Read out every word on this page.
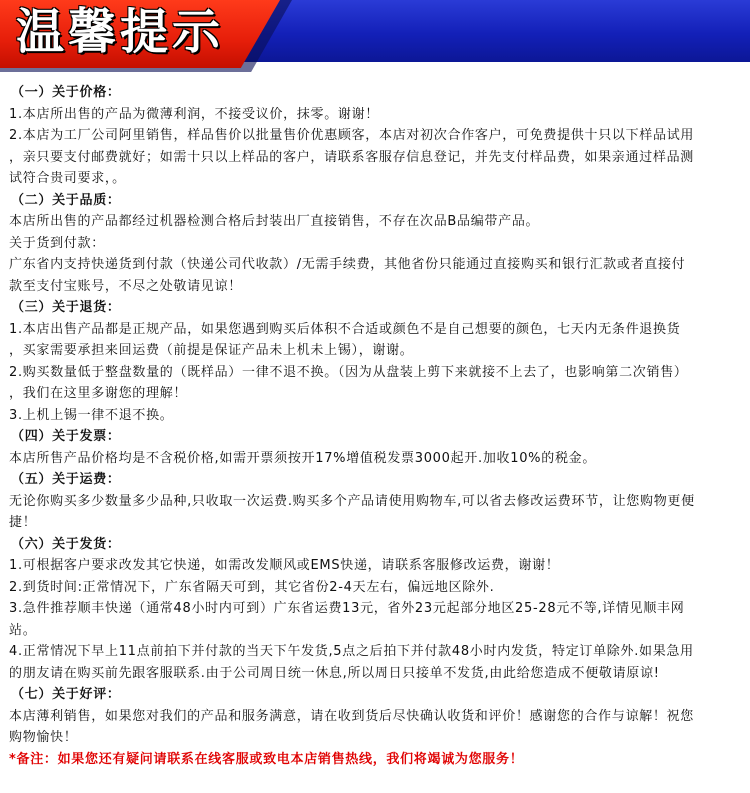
温馨提示
（一）关于价格：
1.本店所出售的产品为微薄利润，不接受议价，抹零。谢谢！
2.本店为工厂公司阿里销售，样品售价以批量售价优惠顾客，本店对初次合作客户，可免费提供十只以下样品试用
，亲只要支付邮费就好；如需十只以上样品的客户，请联系客服存信息登记，并先支付样品费，如果亲通过样品测
试符合贵司要求，。
（二）关于品质：
本店所出售的产品都经过机器检测合格后封装出厂直接销售，不存在次品B品编带产品。
关于货到付款：
广东省内支持快递货到付款（快递公司代收款）/无需手续费，其他省份只能通过直接购买和银行汇款或者直接付
款至支付宝账号，不尽之处敬请见谅！
（三）关于退货：
1.本店出售产品都是正规产品，如果您遇到购买后体积不合适或颜色不是自己想要的颜色，七天内无条件退换货
，买家需要承担来回运费（前提是保证产品未上机未上锡），谢谢。
2.购买数量低于整盘数量的（既样品）一律不退不换。（因为从盘装上剪下来就接不上去了，也影响第二次销售）
，我们在这里多谢您的理解！
3.上机上锡一律不退不换。
（四）关于发票：
本店所售产品价格均是不含税价格,如需开票须按开17%增值税发票3000起开.加收10%的税金。
（五）关于运费：
无论你购买多少数量多少品种,只收取一次运费.购买多个产品请使用购物车,可以省去修改运费环节，让您购物更便
捷！
（六）关于发货：
1.可根据客户要求改发其它快递，如需改发顺风或EMS快递，请联系客服修改运费，谢谢！
2.到货时间:正常情况下，广东省隔天可到，其它省份2-4天左右，偏远地区除外.
3.急件推荐顺丰快递（通常48小时内可到）广东省运费13元，省外23元起部分地区25-28元不等,详情见顺丰网
站。
4.正常情况下早上11点前拍下并付款的当天下午发货,5点之后拍下并付款48小时内发货，特定订单除外.如果急用
的朋友请在购买前先跟客服联系.由于公司周日统一休息,所以周日只接单不发货,由此给您造成不便敬请原谅!
（七）关于好评：
本店薄利销售，如果您对我们的产品和服务满意，请在收到货后尽快确认收货和评价！感谢您的合作与谅解！祝您
购物愉快！
*备注：如果您还有疑问请联系在线客服或致电本店销售热线，我们将竭诚为您服务！
